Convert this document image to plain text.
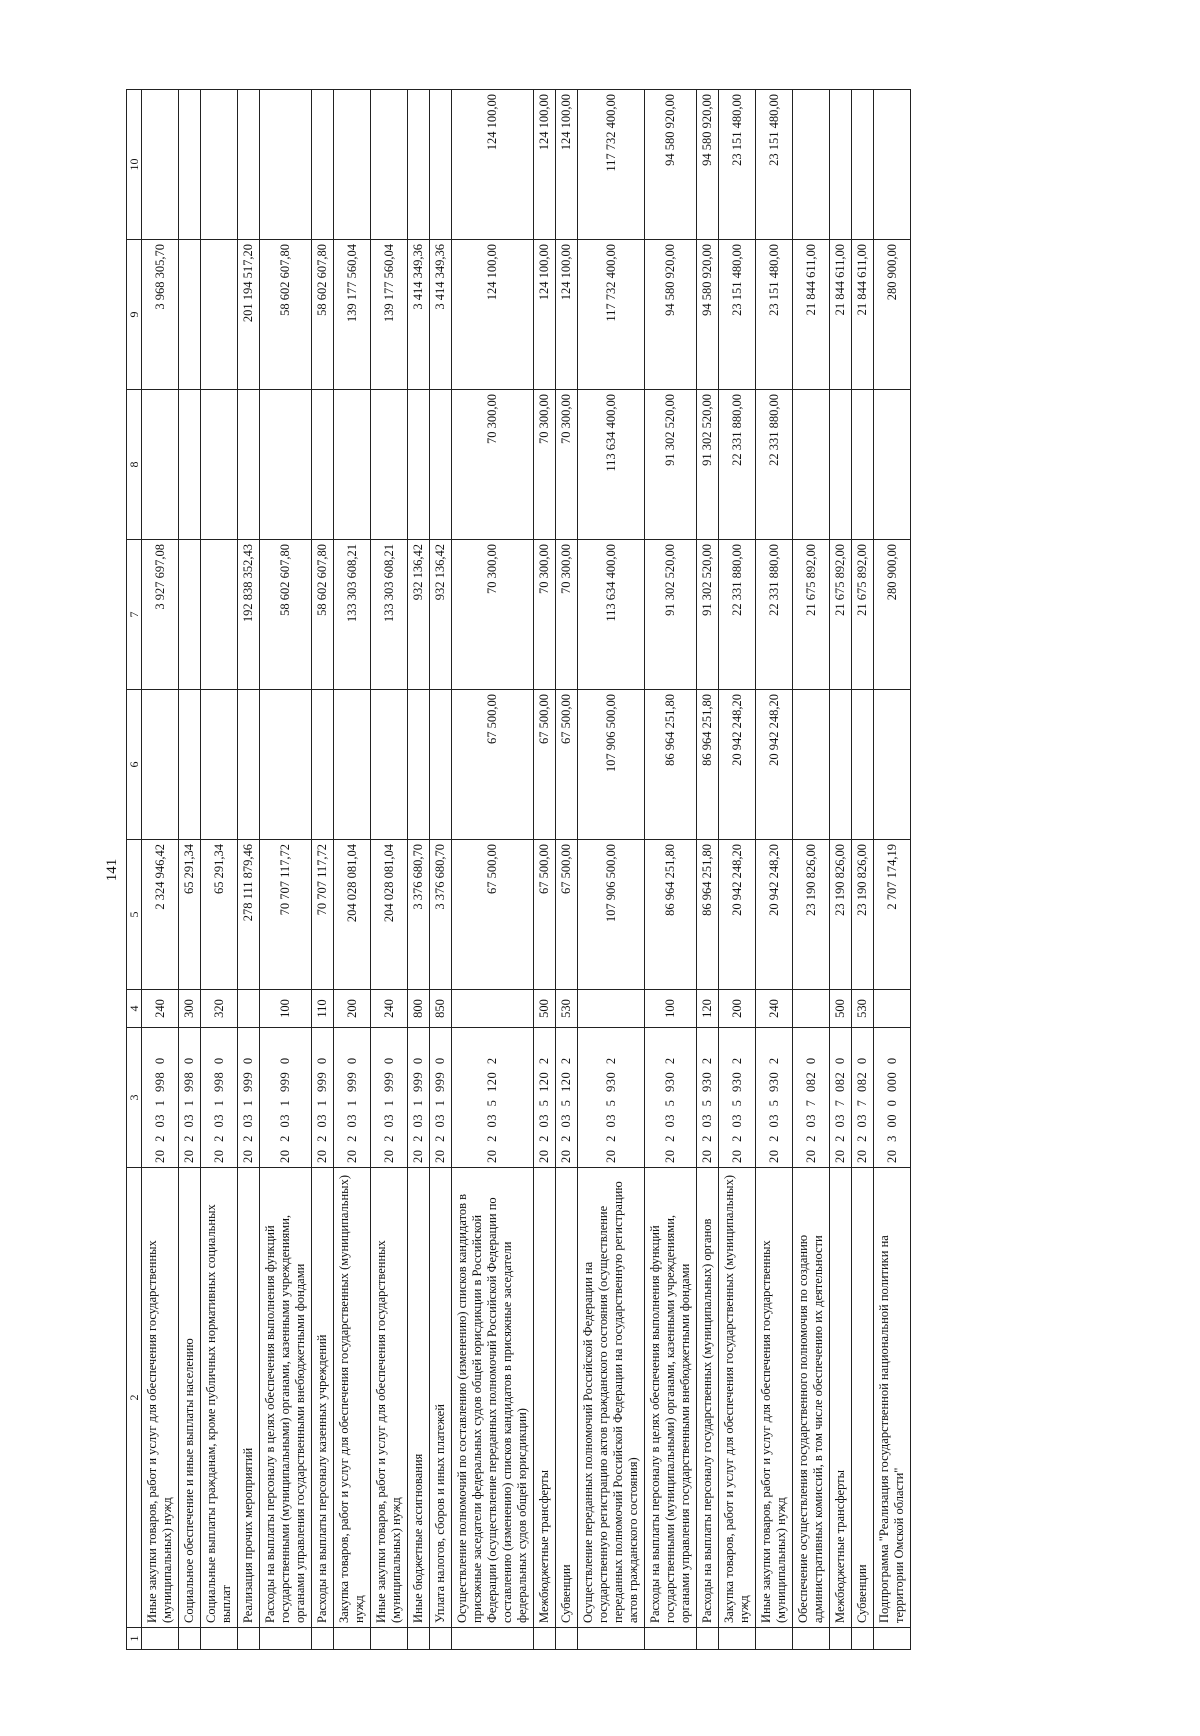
141
1	2	3	4	5	6	7	8	9	10
	Иные закупки товаров, работ и услуг для обеспечения государственных (муниципальных) нужд	20 2 03 1 998 0	240	2 324 946,42		3 927 697,08		3 968 305,70	
	Социальное обеспечение и иные выплаты населению	20 2 03 1 998 0	300	65 291,34					
	Социальные выплаты гражданам, кроме публичных нормативных социальных выплат	20 2 03 1 998 0	320	65 291,34					
	Реализация прочих мероприятий	20 2 03 1 999 0		278 111 879,46		192 838 352,43		201 194 517,20	
	Расходы на выплаты персоналу в целях обеспечения выполнения функций государственными (муниципальными) органами, казенными учреждениями, органами управления государственными внебюджетными фондами	20 2 03 1 999 0	100	70 707 117,72		58 602 607,80		58 602 607,80	
	Расходы на выплаты персоналу казенных учреждений	20 2 03 1 999 0	110	70 707 117,72		58 602 607,80		58 602 607,80	
	Закупка товаров, работ и услуг для обеспечения государственных (муниципальных) нужд	20 2 03 1 999 0	200	204 028 081,04		133 303 608,21		139 177 560,04	
	Иные закупки товаров, работ и услуг для обеспечения государственных (муниципальных) нужд	20 2 03 1 999 0	240	204 028 081,04		133 303 608,21		139 177 560,04	
	Иные бюджетные ассигнования	20 2 03 1 999 0	800	3 376 680,70		932 136,42		3 414 349,36	
	Уплата налогов, сборов и иных платежей	20 2 03 1 999 0	850	3 376 680,70		932 136,42		3 414 349,36	
	Осуществление полномочий по составлению (изменению) списков кандидатов в присяжные заседатели федеральных судов общей юрисдикции в Российской Федерации (осуществление переданных полномочий Российской Федерации по составлению (изменению) списков кандидатов в присяжные заседатели федеральных судов общей юрисдикции)	20 2 03 5 120 2		67 500,00	67 500,00	70 300,00	70 300,00	124 100,00	124 100,00
	Межбюджетные трансферты	20 2 03 5 120 2	500	67 500,00	67 500,00	70 300,00	70 300,00	124 100,00	124 100,00
	Субвенции	20 2 03 5 120 2	530	67 500,00	67 500,00	70 300,00	70 300,00	124 100,00	124 100,00
	Осуществление переданных полномочий Российской Федерации на государственную регистрацию актов гражданского состояния (осуществление переданных полномочий Российской Федерации на государственную регистрацию актов гражданского состояния)	20 2 03 5 930 2		107 906 500,00	107 906 500,00	113 634 400,00	113 634 400,00	117 732 400,00	117 732 400,00
	Расходы на выплаты персоналу в целях обеспечения выполнения функций государственными (муниципальными) органами, казенными учреждениями, органами управления государственными внебюджетными фондами	20 2 03 5 930 2	100	86 964 251,80	86 964 251,80	91 302 520,00	91 302 520,00	94 580 920,00	94 580 920,00
	Расходы на выплаты персоналу государственных (муниципальных) органов	20 2 03 5 930 2	120	86 964 251,80	86 964 251,80	91 302 520,00	91 302 520,00	94 580 920,00	94 580 920,00
	Закупка товаров, работ и услуг для обеспечения государственных (муниципальных) нужд	20 2 03 5 930 2	200	20 942 248,20	20 942 248,20	22 331 880,00	22 331 880,00	23 151 480,00	23 151 480,00
	Иные закупки товаров, работ и услуг для обеспечения государственных (муниципальных) нужд	20 2 03 5 930 2	240	20 942 248,20	20 942 248,20	22 331 880,00	22 331 880,00	23 151 480,00	23 151 480,00
	Обеспечение осуществления государственного полномочия по созданию административных комиссий, в том числе обеспечению их деятельности	20 2 03 7 082 0		23 190 826,00		21 675 892,00		21 844 611,00	
	Межбюджетные трансферты	20 2 03 7 082 0	500	23 190 826,00		21 675 892,00		21 844 611,00	
	Субвенции	20 2 03 7 082 0	530	23 190 826,00		21 675 892,00		21 844 611,00	
	Подпрограмма "Реализация государственной национальной политики на территории Омской области"	20 3 00 0 000 0		2 707 174,19		280 900,00		280 900,00	
